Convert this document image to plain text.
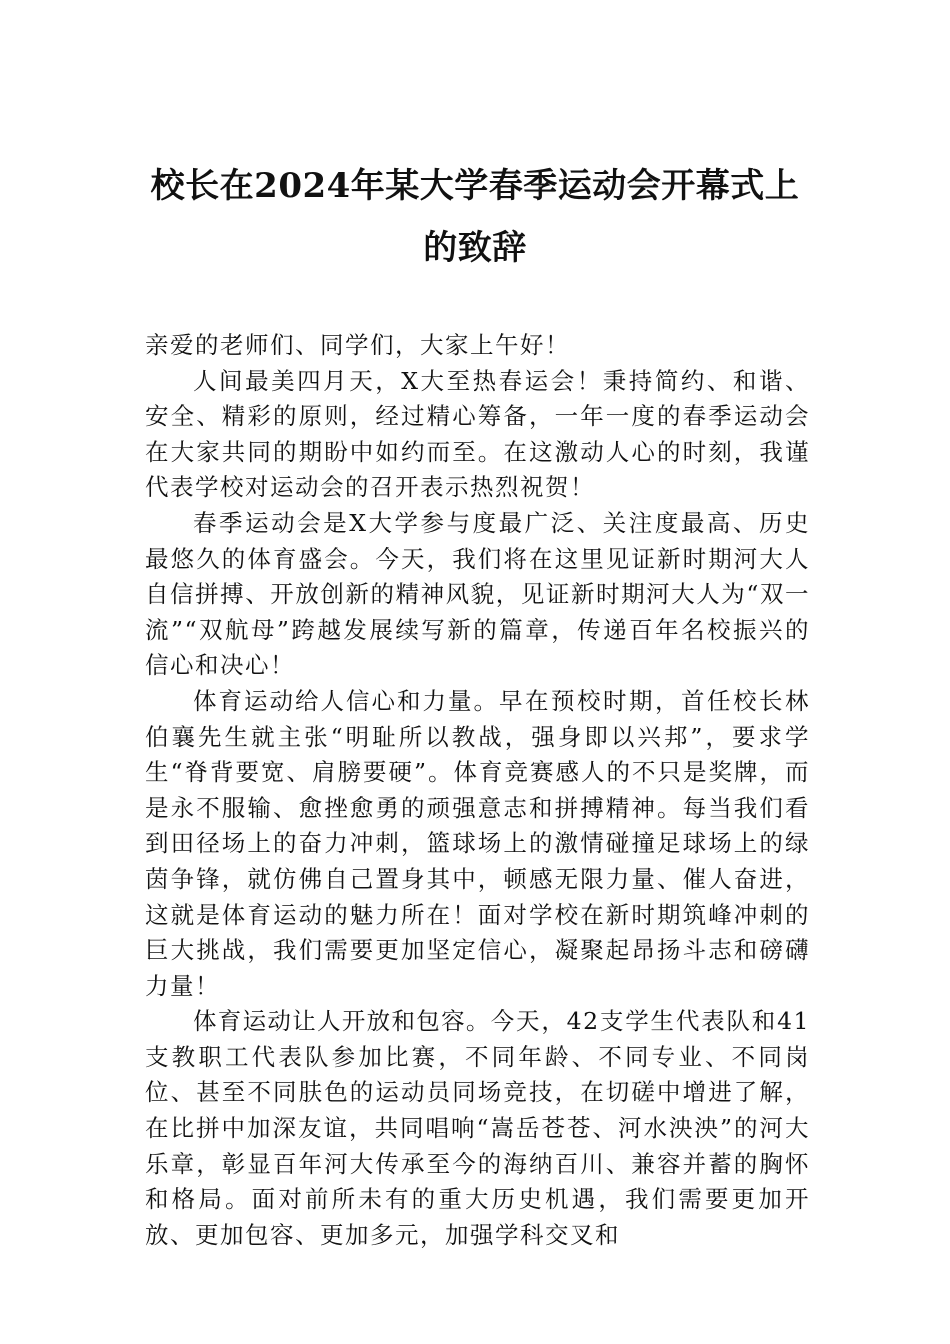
校长在2024年某大学春季运动会开幕式上
的致辞

亲爱的老师们、同学们，大家上午好！

人间最美四月天，X大至热春运会！秉持简约、和谐、安全、精彩的原则，经过精心筹备，一年一度的春季运动会在大家共同的期盼中如约而至。在这激动人心的时刻，我谨代表学校对运动会的召开表示热烈祝贺！

春季运动会是X大学参与度最广泛、关注度最高、历史最悠久的体育盛会。今天，我们将在这里见证新时期河大人自信拼搏、开放创新的精神风貌，见证新时期河大人为“双一流”“双航母”跨越发展续写新的篇章，传递百年名校振兴的信心和决心！

体育运动给人信心和力量。早在预校时期，首任校长林伯襄先生就主张“明耻所以教战，强身即以兴邦”，要求学生“脊背要宽、肩膀要硬”。体育竞赛感人的不只是奖牌，而是永不服输、愈挫愈勇的顽强意志和拼搏精神。每当我们看到田径场上的奋力冲刺，篮球场上的激情碰撞足球场上的绿茵争锋，就仿佛自己置身其中，顿感无限力量、催人奋进，这就是体育运动的魅力所在！面对学校在新时期筑峰冲刺的巨大挑战，我们需要更加坚定信心，凝聚起昂扬斗志和磅礴力量！

体育运动让人开放和包容。今天，42支学生代表队和41支教职工代表队参加比赛，不同年龄、不同专业、不同岗位、甚至不同肤色的运动员同场竞技，在切磋中增进了解，在比拼中加深友谊，共同唱响“嵩岳苍苍、河水泱泱”的河大乐章，彰显百年河大传承至今的海纳百川、兼容并蓄的胸怀和格局。面对前所未有的重大历史机遇，我们需要更加开放、更加包容、更加多元，加强学科交叉和
